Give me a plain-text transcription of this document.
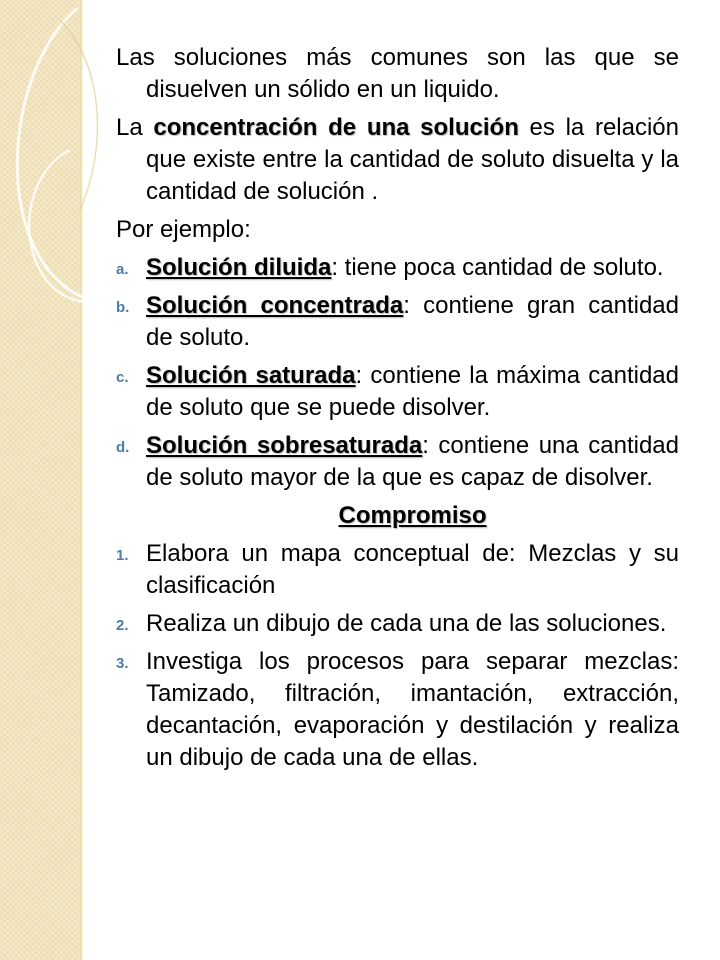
Las soluciones más comunes son las que se disuelven un sólido en un liquido.

La concentración de una solución es la relación que existe entre la cantidad de soluto disuelta y la cantidad de solución .

Por ejemplo:

a. Solución diluida: tiene poca cantidad de soluto.
b. Solución concentrada: contiene gran cantidad de soluto.
c. Solución saturada: contiene la máxima cantidad de soluto que se puede disolver.
d. Solución sobresaturada: contiene una cantidad de soluto mayor de la que es capaz de disolver.

Compromiso

1. Elabora un mapa conceptual de: Mezclas y su clasificación
2. Realiza un dibujo de cada una de las soluciones.
3. Investiga los procesos para separar mezclas: Tamizado, filtración, imantación, extracción, decantación, evaporación y destilación y realiza un dibujo de cada una de ellas.
